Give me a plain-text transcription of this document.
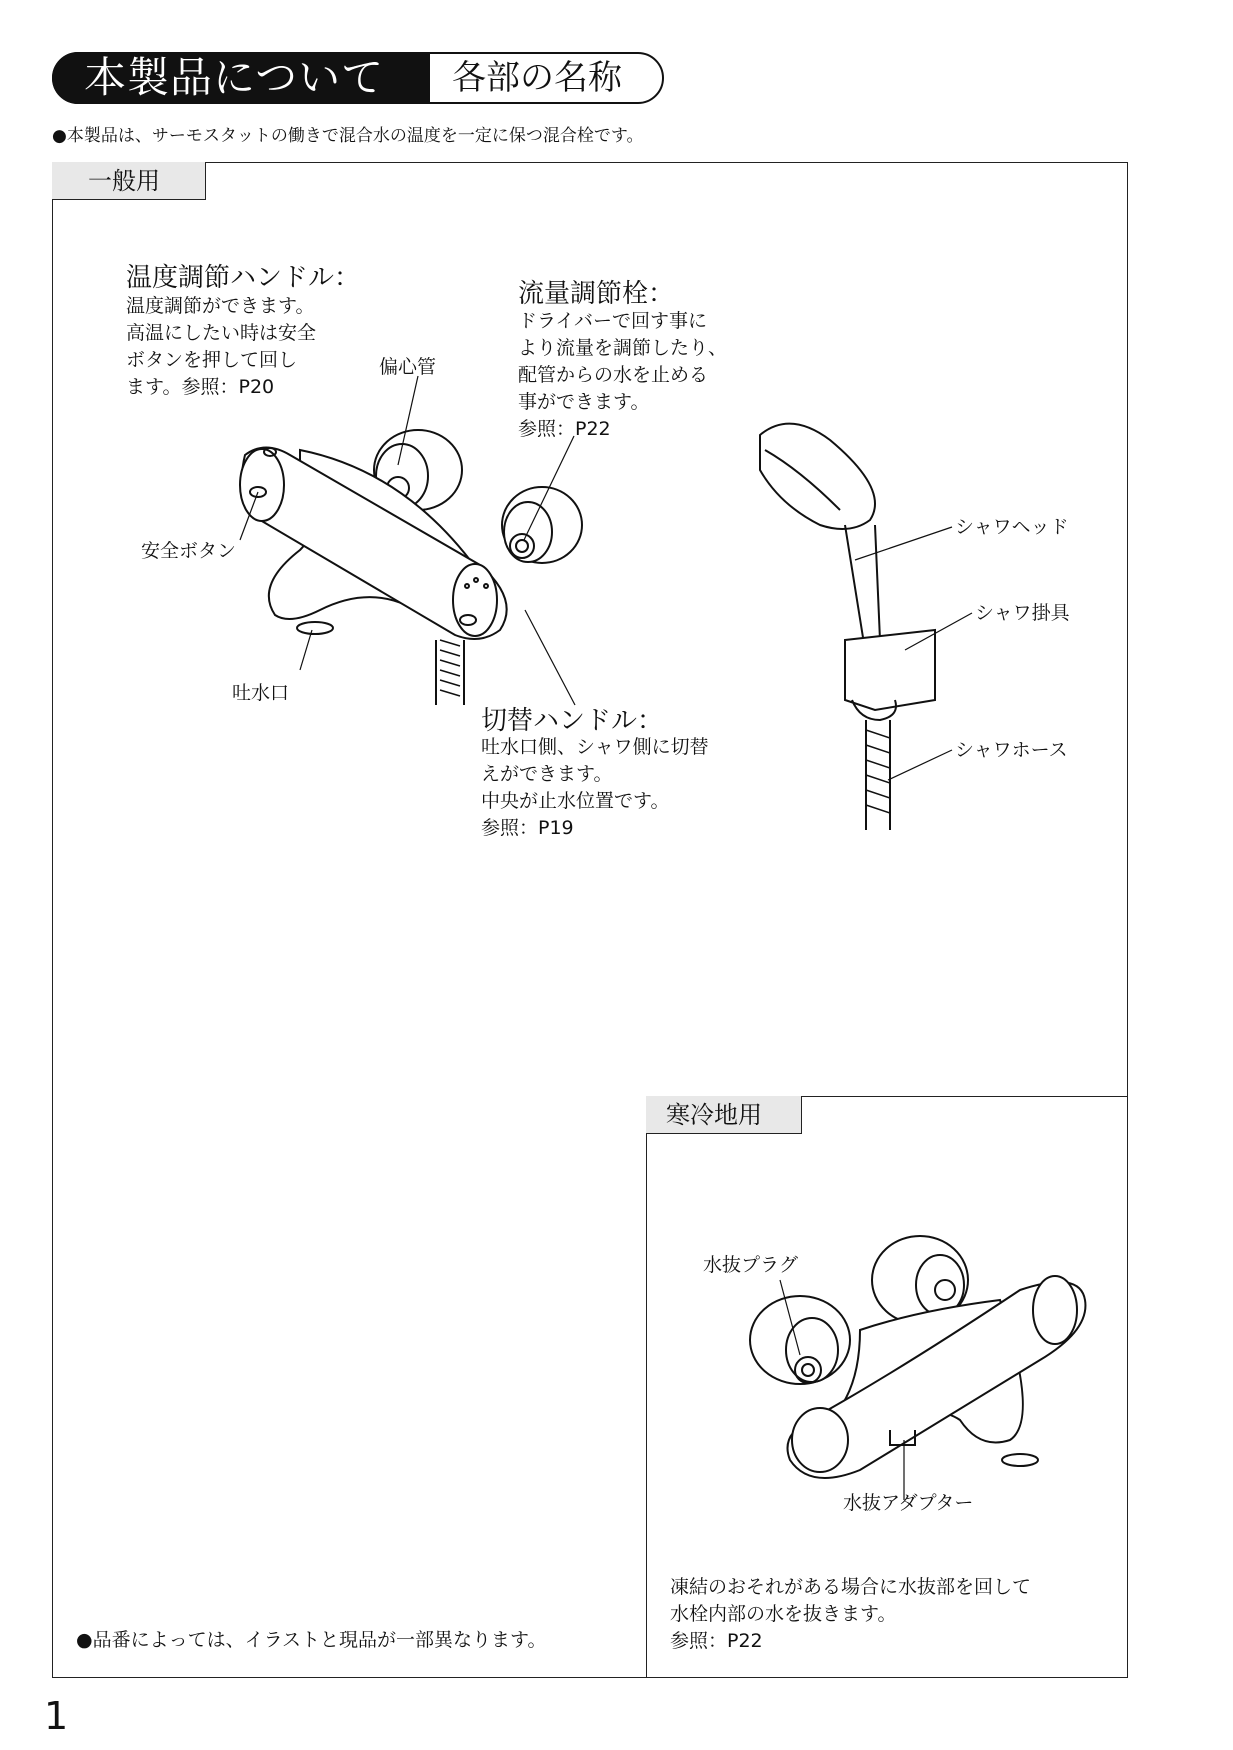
本製品について 各部の名称
●本製品は、サーモスタットの働きで混合水の温度を一定に保つ混合栓です。
一般用
寒冷地用
温度調節ハンドル：
温度調節ができます。
高温にしたい時は安全
ボタンを押して回し
ます。参照：P20
流量調節栓：
ドライバーで回す事に
より流量を調節したり、
配管からの水を止める
事ができます。
参照：P22
切替ハンドル：
吐水口側、シャワ側に切替
えができます。
中央が止水位置です。
参照：P19
偏心管
安全ボタン
吐水口
シャワヘッド
シャワ掛具
シャワホース
●品番によっては、イラストと現品が一部異なります。
水抜プラグ
水抜アダプター
凍結のおそれがある場合に水抜部を回して
水栓内部の水を抜きます。
参照：P22
1
